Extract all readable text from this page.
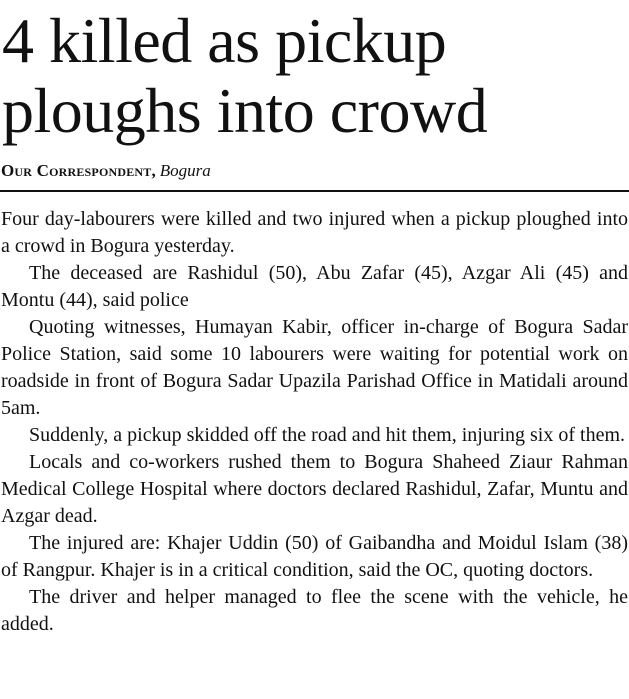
4 killed as pickup ploughs into crowd
Our Correspondent, Bogura

Four day-labourers were killed and two injured when a pickup ploughed into a crowd in Bogura yesterday.

The deceased are Rashidul (50), Abu Zafar (45), Azgar Ali (45) and Montu (44), said police

Quoting witnesses, Humayan Kabir, officer in-charge of Bogura Sadar Police Station, said some 10 labourers were waiting for potential work on roadside in front of Bogura Sadar Upazila Parishad Office in Matidali around 5am.

Suddenly, a pickup skidded off the road and hit them, injuring six of them.

Locals and co-workers rushed them to Bogura Shaheed Ziaur Rahman Medical College Hospital where doctors declared Rashidul, Zafar, Muntu and Azgar dead.

The injured are: Khajer Uddin (50) of Gaibandha and Moidul Islam (38) of Rangpur. Khajer is in a critical condition, said the OC, quoting doctors.

The driver and helper managed to flee the scene with the vehicle, he added.
